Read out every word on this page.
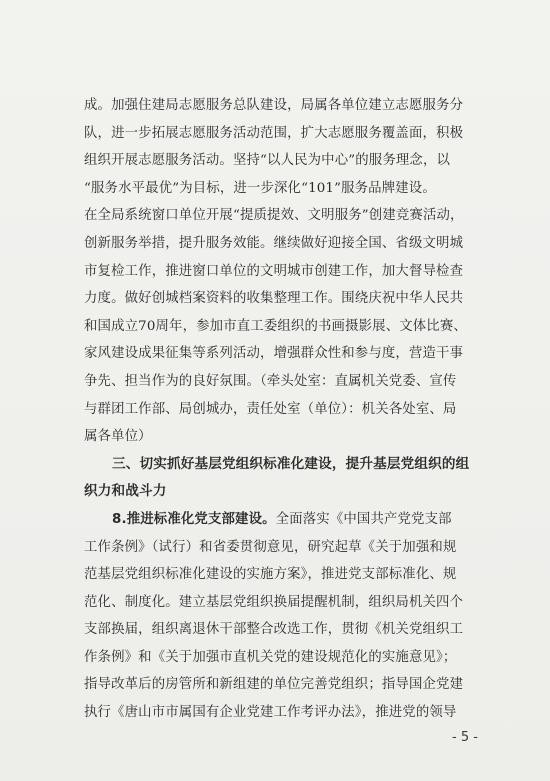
成。加强住建局志愿服务总队建设，局属各单位建立志愿服务分
队，进一步拓展志愿服务活动范围，扩大志愿服务覆盖面，积极
组织开展志愿服务活动。坚持“以人民为中心”的服务理念，以
“服务水平最优”为目标，进一步深化“101”服务品牌建设。
在全局系统窗口单位开展“提质提效、文明服务”创建竞赛活动，
创新服务举措，提升服务效能。继续做好迎接全国、省级文明城
市复检工作，推进窗口单位的文明城市创建工作，加大督导检查
力度。做好创城档案资料的收集整理工作。围绕庆祝中华人民共
和国成立70周年，参加市直工委组织的书画摄影展、文体比赛、
家风建设成果征集等系列活动，增强群众性和参与度，营造干事
争先、担当作为的良好氛围。（牵头处室：直属机关党委、宣传
与群团工作部、局创城办，责任处室（单位）：机关各处室、局
属各单位）
三、切实抓好基层党组织标准化建设，提升基层党组织的组
织力和战斗力
8.推进标准化党支部建设。全面落实《中国共产党党支部
工作条例》（试行）和省委贯彻意见，研究起草《关于加强和规
范基层党组织标准化建设的实施方案》，推进党支部标准化、规
范化、制度化。建立基层党组织换届提醒机制，组织局机关四个
支部换届，组织离退休干部整合改选工作，贯彻《机关党组织工
作条例》和《关于加强市直机关党的建设规范化的实施意见》；
指导改革后的房管所和新组建的单位完善党组织；指导国企党建
执行《唐山市市属国有企业党建工作考评办法》，推进党的领导
- 5 -
